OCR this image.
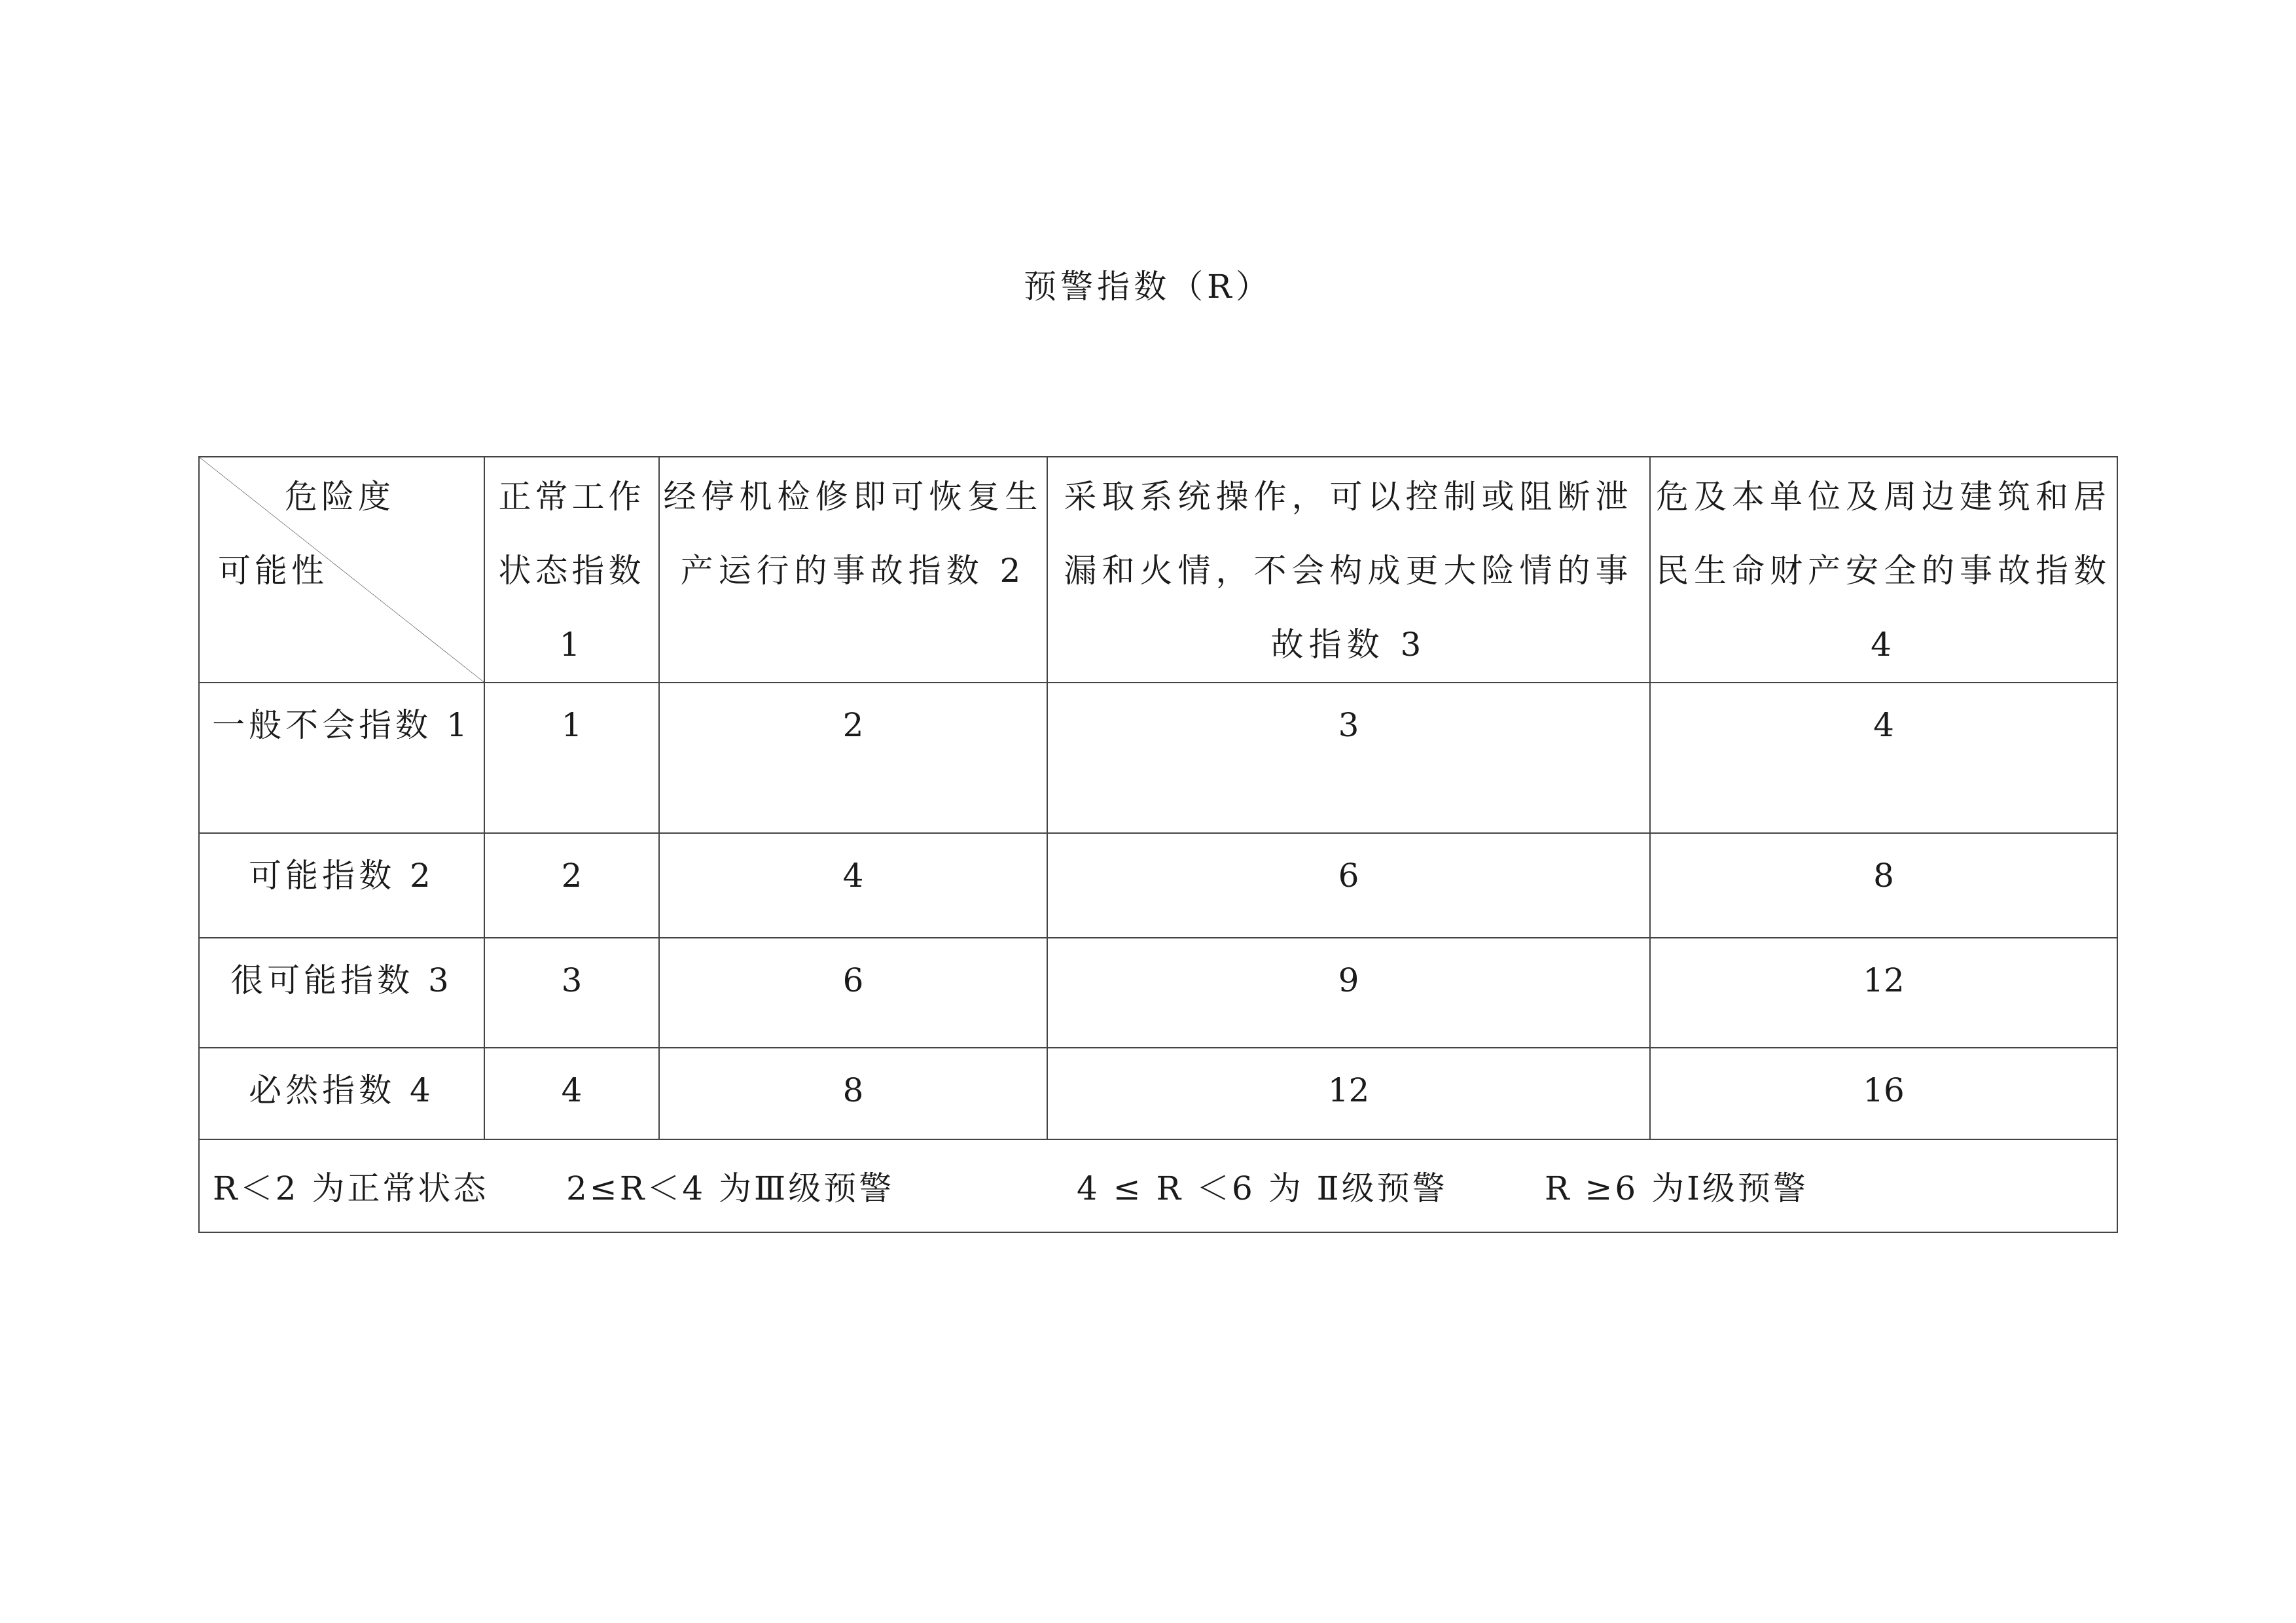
预警指数（R）
危险度
可能性	正常工作状态指数 1	经停机检修即可恢复生产运行的事故指数 2	采取系统操作，可以控制或阻断泄漏和火情，不会构成更大险情的事故指数 3	危及本单位及周边建筑和居民生命财产安全的事故指数 4
一般不会指数 1	1	2	3	4
可能指数 2	2	4	6	8
很可能指数 3	3	6	9	12
必然指数 4	4	8	12	16

R＜2 为正常状态 2≤R＜4 为Ⅲ级预警 4 ≤ R ＜6 为 Ⅱ级预警 R ≥6 为Ⅰ级预警				
